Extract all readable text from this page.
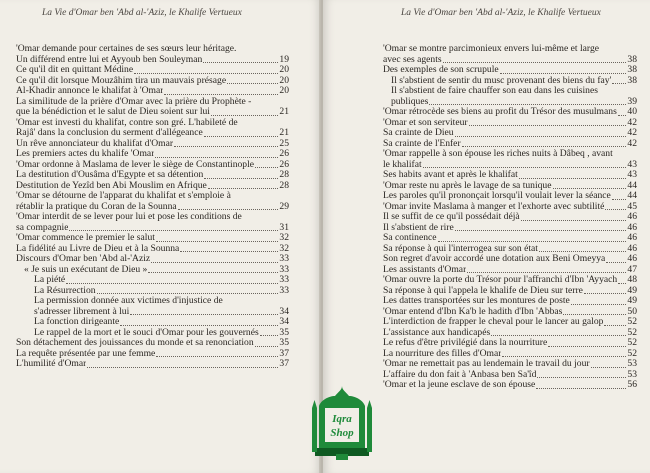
La Vie d'Omar ben 'Abd al-'Aziz, le Khalife Vertueux
'Omar demande pour certaines de ses sœurs leur héritage.
Un différend entre lui et Ayyoub ben Souleyman	19
Ce qu'il dit en quittant Médine	20
Ce qu'il dit lorsque Mouzâhim tira un mauvais présage	20
Al-Khadir annonce le khalifat à 'Omar	20
La similitude de la prière d'Omar avec la prière du Prophète -
que la bénédiction et le salut de Dieu soient sur lui	21
'Omar est investi du khalifat, contre son gré. L'habileté de
Rajâ' dans la conclusion du serment d'allégeance	21
Un rêve annonciateur du khalifat d'Omar	25
Les premiers actes du khalife 'Omar	26
'Omar ordonne à Maslama de lever le siège de Constantinople	26
La destitution d'Ousâma d'Egypte et sa détention	28
Destitution de Yezîd ben Abi Mouslim en Afrique	28
'Omar se détourne de l'apparat du khalifat et s'emploie à
rétablir la pratique du Coran de la Sounna	29
'Omar interdit de se lever pour lui et pose les conditions de
sa compagnie	31
'Omar commence le premier le salut	32
La fidélité au Livre de Dieu et à la Sounna	32
Discours d'Omar ben 'Abd al-'Aziz	33
« Je suis un exécutant de Dieu »	33
La piété	33
La Résurrection	33
La permission donnée aux victimes d'injustice de
s'adresser librement à lui	34
La fonction dirigeante	34
Le rappel de la mort et le souci d'Omar pour les gouvernés 35
Son détachement des jouissances du monde et sa renonciation	35
La requête présentée par une femme	37
L'humilité d'Omar	37
La Vie d'Omar ben 'Abd al-'Aziz, le Khalife Vertueux
'Omar se montre parcimonieux envers lui-même et large
avec ses agents	38
Des exemples de son scrupule	38
Il s'abstient de sentir du musc provenant des biens du fay' 38
Il s'abstient de faire chauffer son eau dans les cuisines
publiques	39
'Omar rétrocède ses biens au profit du Trésor des musulmans 40
'Omar et son serviteur	42
Sa crainte de Dieu	42
Sa crainte de l'Enfer	42
'Omar rappelle à son épouse les riches nuits à Dâbeq , avant
le khalifat	43
Ses habits avant et après le khalifat	43
'Omar reste nu après le lavage de sa tunique	44
Les paroles qu'il prononçait lorsqu'il voulait lever la séance 44
'Omar invite Maslama à manger et l'exhorte avec subtilité 45
Il se suffit de ce qu'il possédait déjà	46
Il s'abstient de rire	46
Sa continence	46
Sa réponse à qui l'interrogea sur son état	46
Son regret d'avoir accordé une dotation aux Beni Omeyya 46
Les assistants d'Omar	47
'Omar ouvre la porte du Trésor pour l'affranchi d'Ibn 'Ayyach 48
Sa réponse à qui l'appela le khalife de Dieu sur terre	49
Les dattes transportées sur les montures de poste	49
'Omar entend d'Ibn Ka'b le hadith d'Ibn 'Abbas	50
L'interdiction de frapper le cheval pour le lancer au galop 52
L'assistance aux handicapés	52
Le refus d'être privilégié dans la nourriture	52
La nourriture des filles d'Omar	52
'Omar ne remettait pas au lendemain le travail du jour	53
L'affaire du don fait à 'Anbasa ben Sa'îd	53
'Omar et la jeune esclave de son épouse	56
Iqra
Shop
